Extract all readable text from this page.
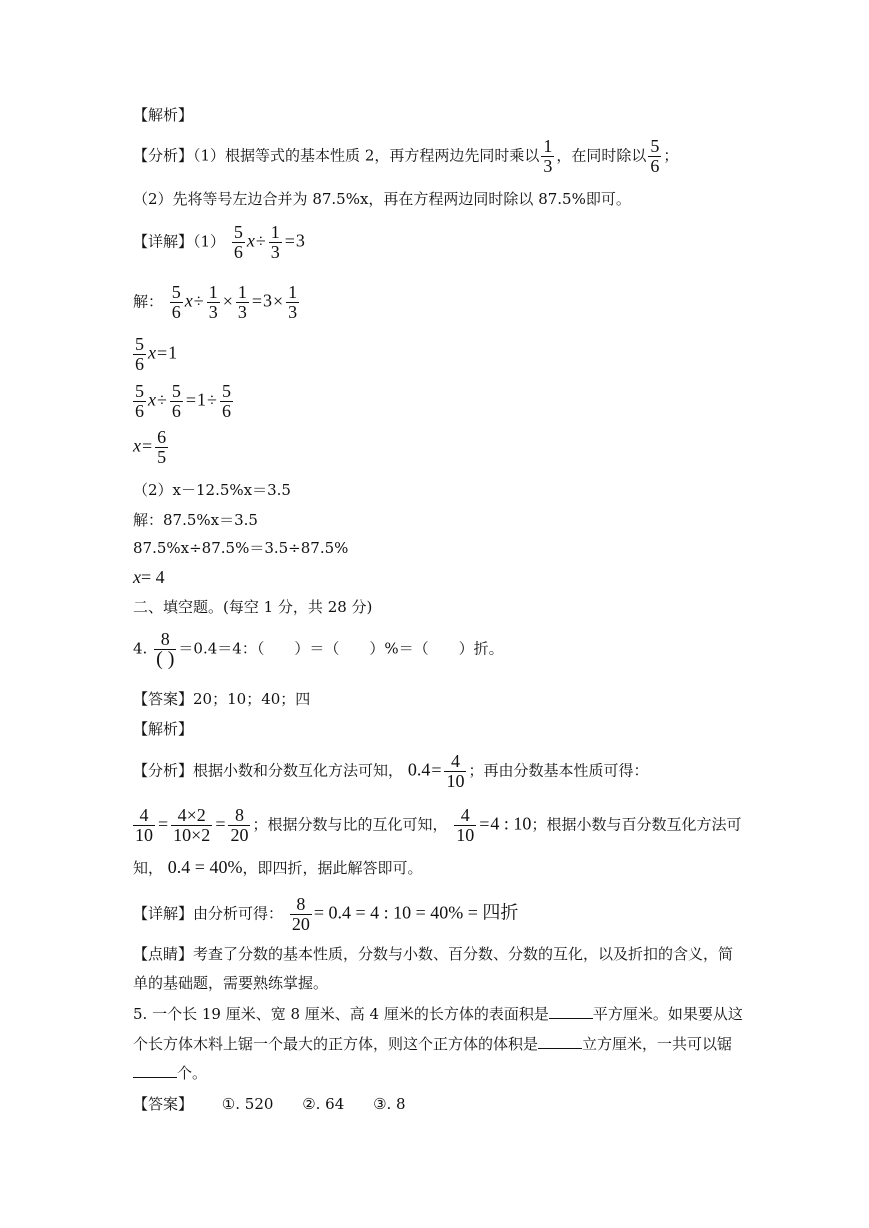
【解析】
【分析】（1）根据等式的基本性质 2，再方程两边先同时乘以 $\frac{1}{3}$ ，在同时除以 $\frac{5}{6}$ ；
（2）先将等号左边合并为 87.5%x，再在方程两边同时除以 87.5%即可。
【详解】$(1) \frac{5}{6} x\div \frac{1}{3} =3$
解： $\frac{5}{6} x\div \frac{1}{3} \times \frac{1}{3} =3\times \frac{1}{3}$
$\frac{5}{6} x=1$
$\frac{5}{6} x\div \frac{5}{6} =1\div \frac{5}{6}$
$x= \frac{6}{5}$
（2）x－12.5%x＝3.5
解：87.5%x＝3.5
87.5%x÷87.5%＝3.5÷87.5%
x= 4
二、填空题。(每空 1 分，共 28 分)
4. $\frac{8}{( )} =0.4=4$：（　　）＝（　　）%＝（　　）折。
【答案】20；10；40；四
【解析】
【分析】根据小数和分数互化方法可知， $0.4= \frac{4}{10}$ ；再由分数基本性质可得：
$\frac{4}{10} = \frac{4\times 2}{10\times 2} = \frac{8}{20}$ ；根据分数与比的互化可知， $\frac{4}{10} =4$ : 10；根据小数与百分数互化方法可
知， 0.4 = 40%，即四折，据此解答即可。
【详解】由分析可得： $\frac{8}{20} = 0.4 = 4$ : 10 = 40% = 四折
【点睛】考查了分数的基本性质，分数与小数、百分数、分数的互化，以及折扣的含义，简
单的基础题，需要熟练掌握。
5. 一个长 19 厘米、宽 8 厘米、高 4 厘米的长方体的表面积是	平方厘米。如果要从这
个长方体木料上锯一个最大的正方体，则这个正方体的体积是	立方厘米，一共可以锯
个。
【答案】 ①. 520 ②. 64 ③. 8
